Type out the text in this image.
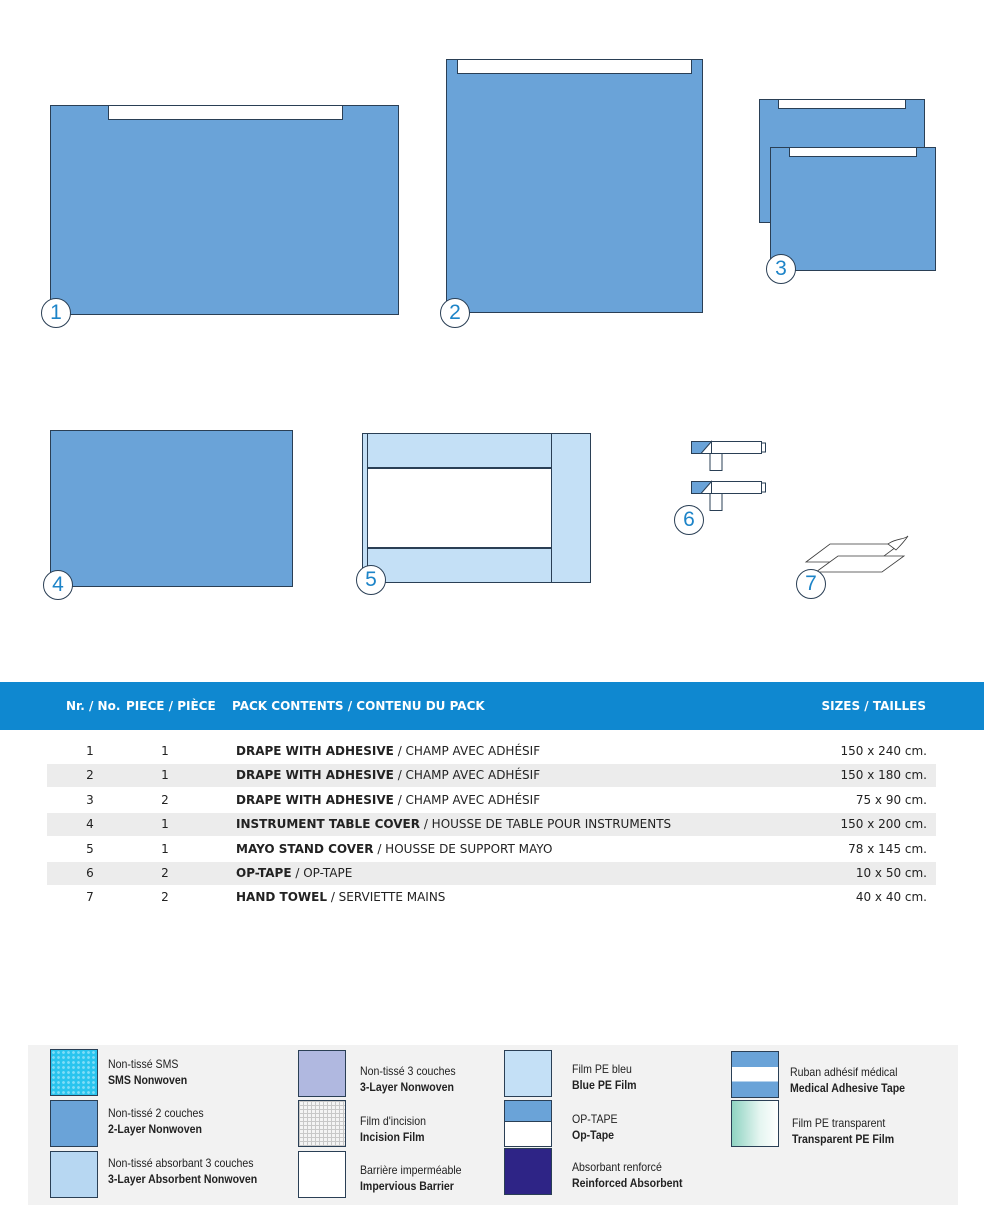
1	2
3
4	5
6
7
Nr. / No. PIECE / PIÈCE PACK CONTENTS / CONTENU DU PACK	SIZES / TAILLES
1	1	DRAPE WITH ADHESIVE / CHAMP AVEC ADHÉSIF	150 x 240 cm.
2	1	DRAPE WITH ADHESIVE / CHAMP AVEC ADHÉSIF	150 x 180 cm.
3	2	DRAPE WITH ADHESIVE / CHAMP AVEC ADHÉSIF	75 x 90 cm.
4	1	INSTRUMENT TABLE COVER / HOUSSE DE TABLE POUR INSTRUMENTS	150 x 200 cm.
5	1	MAYO STAND COVER / HOUSSE DE SUPPORT MAYO	78 x 145 cm.
6	2	OP-TAPE / OP-TAPE	10 x 50 cm.
7	2	HAND TOWEL / SERVIETTE MAINS	40 x 40 cm.
Non-tissé SMS
SMS Nonwoven
Non-tissé 2 couches
2-Layer Nonwoven
Non-tissé absorbant 3 couches
3-Layer Absorbent Nonwoven
Non-tissé 3 couches
3-Layer Nonwoven
Film d'incision
Incision Film
Barrière imperméable
Impervious Barrier
Film PE bleu
Blue PE Film
OP-TAPE
Op-Tape
Absorbant renforcé
Reinforced Absorbent
Ruban adhésif médical
Medical Adhesive Tape
Film PE transparent
Transparent PE Film
